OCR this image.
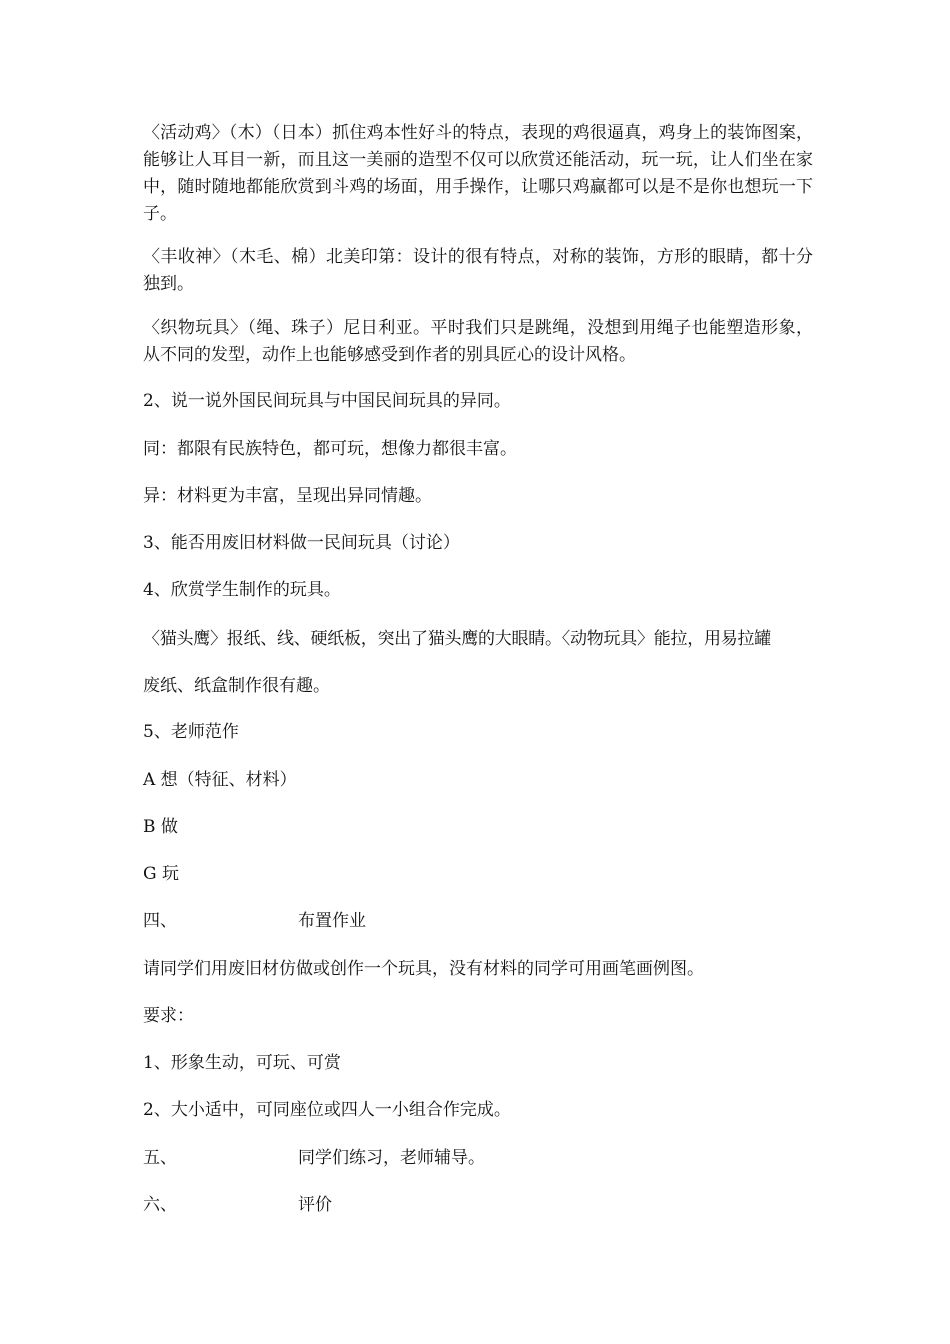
〈活动鸡〉（木）（日本）抓住鸡本性好斗的特点，表现的鸡很逼真，鸡身上的装饰图案，能够让人耳目一新，而且这一美丽的造型不仅可以欣赏还能活动，玩一玩，让人们坐在家中，随时随地都能欣赏到斗鸡的场面，用手操作，让哪只鸡赢都可以是不是你也想玩一下子。

〈丰收神〉（木毛、棉）北美印第：设计的很有特点，对称的装饰，方形的眼睛，都十分独到。

〈织物玩具〉（绳、珠子）尼日利亚。平时我们只是跳绳，没想到用绳子也能塑造形象，从不同的发型，动作上也能够感受到作者的别具匠心的设计风格。

2、说一说外国民间玩具与中国民间玩具的异同。

同：都限有民族特色，都可玩，想像力都很丰富。

异：材料更为丰富，呈现出异同情趣。

3、能否用废旧材料做一民间玩具（讨论）

4、欣赏学生制作的玩具。

〈猫头鹰〉报纸、线、硬纸板，突出了猫头鹰的大眼睛。〈动物玩具〉能拉，用易拉罐

废纸、纸盒制作很有趣。

5、老师范作

A 想（特征、材料）

B 做

G 玩

四、	布置作业

请同学们用废旧材仿做或创作一个玩具，没有材料的同学可用画笔画例图。

要求：

1、形象生动，可玩、可赏

2、大小适中，可同座位或四人一小组合作完成。

五、	同学们练习，老师辅导。
六、	评价
